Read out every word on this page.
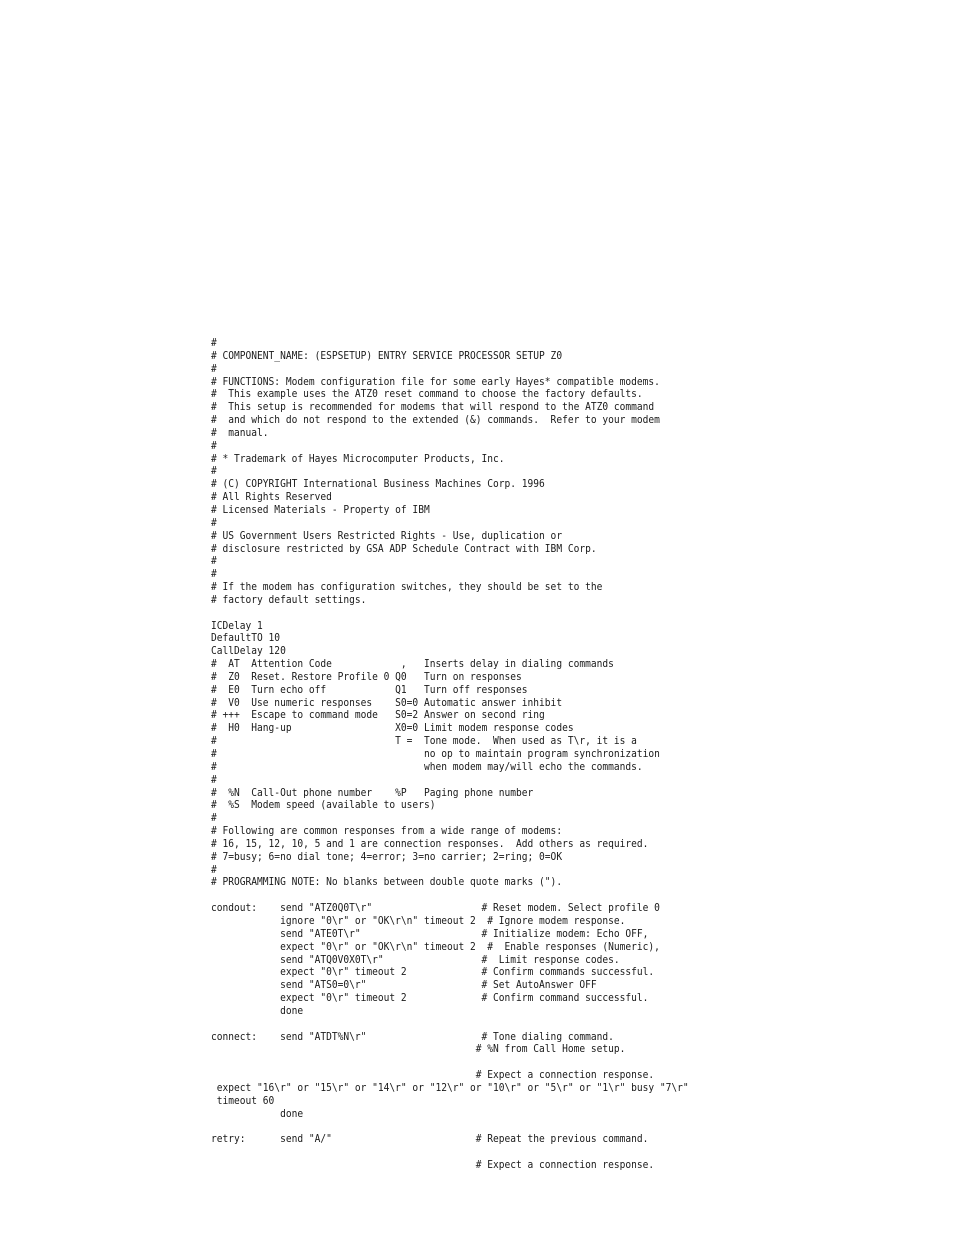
#
# COMPONENT_NAME: (ESPSETUP) ENTRY SERVICE PROCESSOR SETUP Z0
#
# FUNCTIONS: Modem configuration file for some early Hayes* compatible modems.
#  This example uses the ATZ0 reset command to choose the factory defaults.
#  This setup is recommended for modems that will respond to the ATZ0 command
#  and which do not respond to the extended (&) commands.  Refer to your modem
#  manual.
#
# * Trademark of Hayes Microcomputer Products, Inc.
#
# (C) COPYRIGHT International Business Machines Corp. 1996
# All Rights Reserved
# Licensed Materials - Property of IBM
#
# US Government Users Restricted Rights - Use, duplication or
# disclosure restricted by GSA ADP Schedule Contract with IBM Corp.
#
#
# If the modem has configuration switches, they should be set to the
# factory default settings.

ICDelay 1
DefaultTO 10
CallDelay 120
#  AT  Attention Code            ,   Inserts delay in dialing commands
#  Z0  Reset. Restore Profile 0 Q0   Turn on responses
#  E0  Turn echo off            Q1   Turn off responses
#  V0  Use numeric responses    S0=0 Automatic answer inhibit
# +++  Escape to command mode   S0=2 Answer on second ring
#  H0  Hang-up                  X0=0 Limit modem response codes
#                               T =  Tone mode.  When used as T\r, it is a
#                                    no op to maintain program synchronization
#                                    when modem may/will echo the commands.
#
#  %N  Call-Out phone number    %P   Paging phone number
#  %S  Modem speed (available to users)
#
# Following are common responses from a wide range of modems:
# 16, 15, 12, 10, 5 and 1 are connection responses.  Add others as required.
# 7=busy; 6=no dial tone; 4=error; 3=no carrier; 2=ring; 0=OK
#
# PROGRAMMING NOTE: No blanks between double quote marks (").

condout:    send "ATZ0Q0T\r"                   # Reset modem. Select profile 0
ignore "0\r" or "OK\r\n" timeout 2  # Ignore modem response.
send "ATE0T\r"                     # Initialize modem: Echo OFF,
expect "0\r" or "OK\r\n" timeout 2  #  Enable responses (Numeric),
send "ATQ0V0X0T\r"                 #  Limit response codes.
expect "0\r" timeout 2             # Confirm commands successful.
send "ATS0=0\r"                    # Set AutoAnswer OFF
expect "0\r" timeout 2             # Confirm command successful.
done

connect:    send "ATDT%N\r"                    # Tone dialing command.
# %N from Call Home setup.

# Expect a connection response.
expect "16\r" or "15\r" or "14\r" or "12\r" or "10\r" or "5\r" or "1\r" busy "7\r"
timeout 60
done

retry:      send "A/"                         # Repeat the previous command.

# Expect a connection response.
